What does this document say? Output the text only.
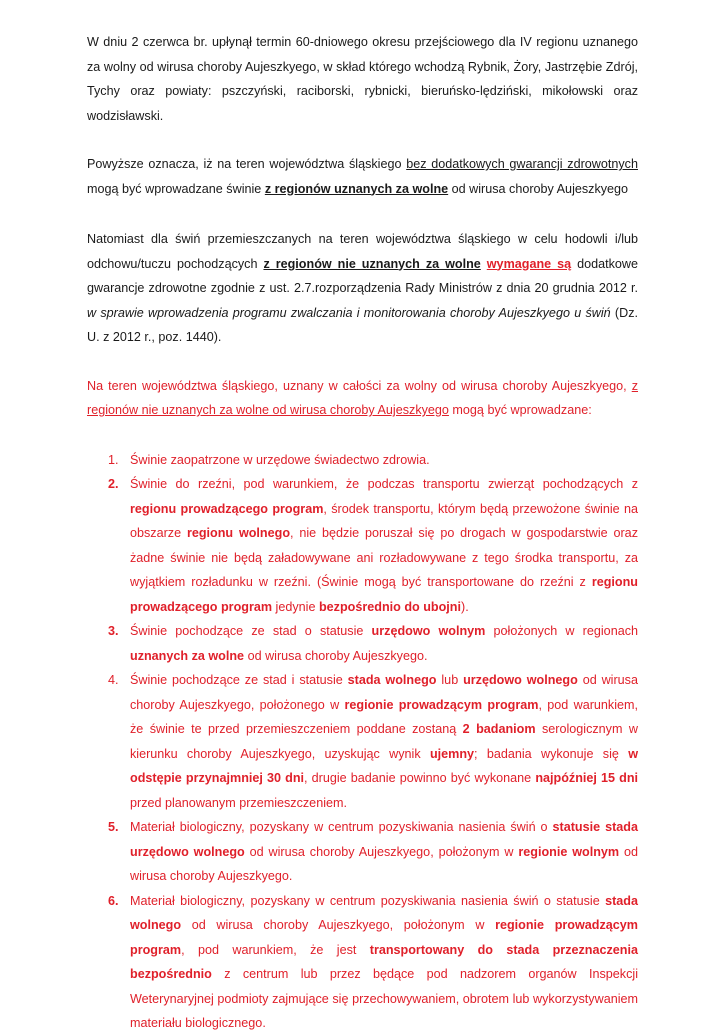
W dniu 2 czerwca br. upłynął termin 60-dniowego okresu przejściowego dla IV regionu uznanego za wolny od wirusa choroby Aujeszkyego, w skład którego wchodzą Rybnik, Żory, Jastrzębie Zdrój, Tychy oraz powiaty: pszczyński, raciborski, rybnicki, bieruńsko-lędziński, mikołowski oraz wodzisławski.

Powyższe oznacza, iż na teren województwa śląskiego bez dodatkowych gwarancji zdrowotnych mogą być wprowadzane świnie z regionów uznanych za wolne od wirusa choroby Aujeszkyego

Natomiast dla świń przemieszczanych na teren województwa śląskiego w celu hodowli i/lub odchowu/tuczu pochodzących z regionów nie uznanych za wolne wymagane są dodatkowe gwarancje zdrowotne zgodnie z ust. 2.7.rozporządzenia Rady Ministrów z dnia 20 grudnia 2012 r. w sprawie wprowadzenia programu zwalczania i monitorowania choroby Aujeszkyego u świń (Dz. U. z 2012 r., poz. 1440).

Na teren województwa śląskiego, uznany w całości za wolny od wirusa choroby Aujeszkyego, z regionów nie uznanych za wolne od wirusa choroby Aujeszkyego mogą być wprowadzane:

1. Świnie zaopatrzone w urzędowe świadectwo zdrowia.
2. Świnie do rzeźni, pod warunkiem, że podczas transportu zwierząt pochodzących z regionu prowadzącego program, środek transportu, którym będą przewożone świnie na obszarze regionu wolnego, nie będzie poruszał się po drogach w gospodarstwie oraz żadne świnie nie będą załadowywane ani rozładowywane z tego środka transportu, za wyjątkiem rozładunku w rzeźni. (Świnie mogą być transportowane do rzeźni z regionu prowadzącego program jedynie bezpośrednio do ubojni).
3. Świnie pochodzące ze stad o statusie urzędowo wolnym położonych w regionach uznanych za wolne od wirusa choroby Aujeszkyego.
4. Świnie pochodzące ze stad i statusie stada wolnego lub urzędowo wolnego od wirusa choroby Aujeszkyego, położonego w regionie prowadzącym program, pod warunkiem, że świnie te przed przemieszczeniem poddane zostaną 2 badaniom serologicznym w kierunku choroby Aujeszkyego, uzyskując wynik ujemny; badania wykonuje się w odstępie przynajmniej 30 dni, drugie badanie powinno być wykonane najpóźniej 15 dni przed planowanym przemieszczeniem.
5. Materiał biologiczny, pozyskany w centrum pozyskiwania nasienia świń o statusie stada urzędowo wolnego od wirusa choroby Aujeszkyego, położonym w regionie wolnym od wirusa choroby Aujeszkyego.
6. Materiał biologiczny, pozyskany w centrum pozyskiwania nasienia świń o statusie stada wolnego od wirusa choroby Aujeszkyego, położonym w regionie prowadzącym program, pod warunkiem, że jest transportowany do stada przeznaczenia bezpośrednio z centrum lub przez będące pod nadzorem organów Inspekcji Weterynaryjnej podmioty zajmujące się przechowywaniem, obrotem lub wykorzystywaniem materiału biologicznego.
